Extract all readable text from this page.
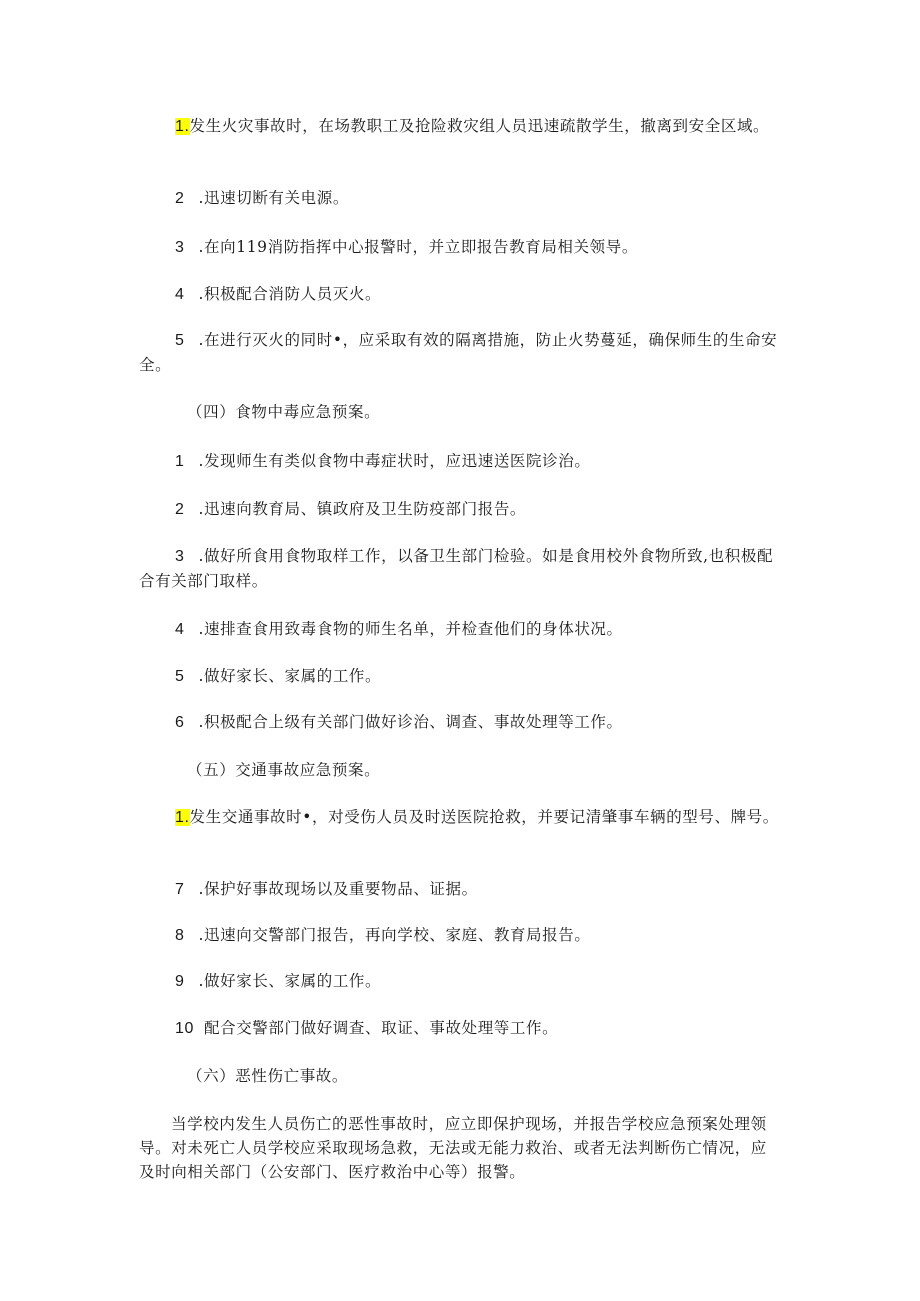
1.发生火灾事故时，在场教职工及抢险救灾组人员迅速疏散学生，撤离到安全区域。

2 .迅速切断有关电源。

3 .在向119消防指挥中心报警时，并立即报告教育局相关领导。

4 .积极配合消防人员灭火。

5 .在进行灭火的同时•，应采取有效的隔离措施，防止火势蔓延，确保师生的生命安全。

（四）食物中毒应急预案。

1 .发现师生有类似食物中毒症状时，应迅速送医院诊治。

2 .迅速向教育局、镇政府及卫生防疫部门报告。

3 .做好所食用食物取样工作，以备卫生部门检验。如是食用校外食物所致,也积极配合有关部门取样。

4 .速排查食用致毒食物的师生名单，并检查他们的身体状况。

5 .做好家长、家属的工作。

6 .积极配合上级有关部门做好诊治、调查、事故处理等工作。

（五）交通事故应急预案。

1.发生交通事故时•，对受伤人员及时送医院抢救，并要记清肇事车辆的型号、牌号。

7 .保护好事故现场以及重要物品、证据。

8 .迅速向交警部门报告，再向学校、家庭、教育局报告。

9 .做好家长、家属的工作。

10 配合交警部门做好调查、取证、事故处理等工作。

（六）恶性伤亡事故。

当学校内发生人员伤亡的恶性事故时，应立即保护现场，并报告学校应急预案处理领导。对未死亡人员学校应采取现场急救，无法或无能力救治、或者无法判断伤亡情况，应及时向相关部门（公安部门、医疗救治中心等）报警。
